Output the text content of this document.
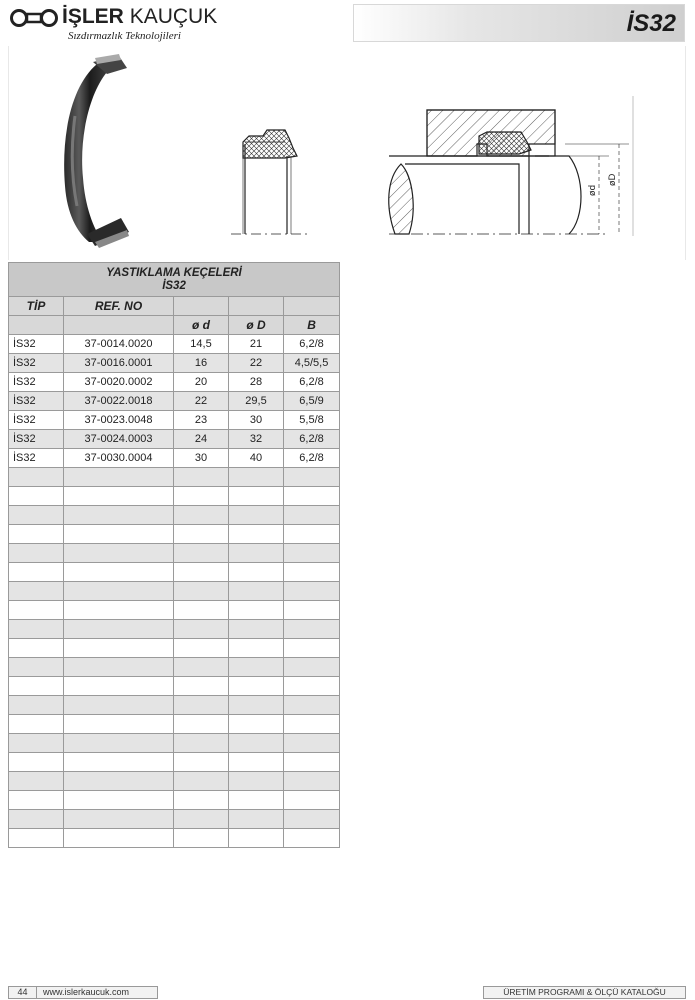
İŞLER KAUÇUK
Sızdırmazlık Teknolojileri	İS32
ød
øD
YASTIKLAMA KEÇELERİ
İS32				

TİP	REF. NO			
		ø d	ø D	B
İS32	37-0014.0020	14,5	21	6,2/8
İS32	37-0016.0001	16	22	4,5/5,5
İS32	37-0020.0002	20	28	6,2/8
İS32	37-0022.0018	22	29,5	6,5/9
İS32	37-0023.0048	23	30	5,5/8
İS32	37-0024.0003	24	32	6,2/8
İS32	37-0030.0004	30	40	6,2/8

44	www.islerkaucuk.com	ÜRETİM PROGRAMI & ÖLÇÜ KATALOĞU
